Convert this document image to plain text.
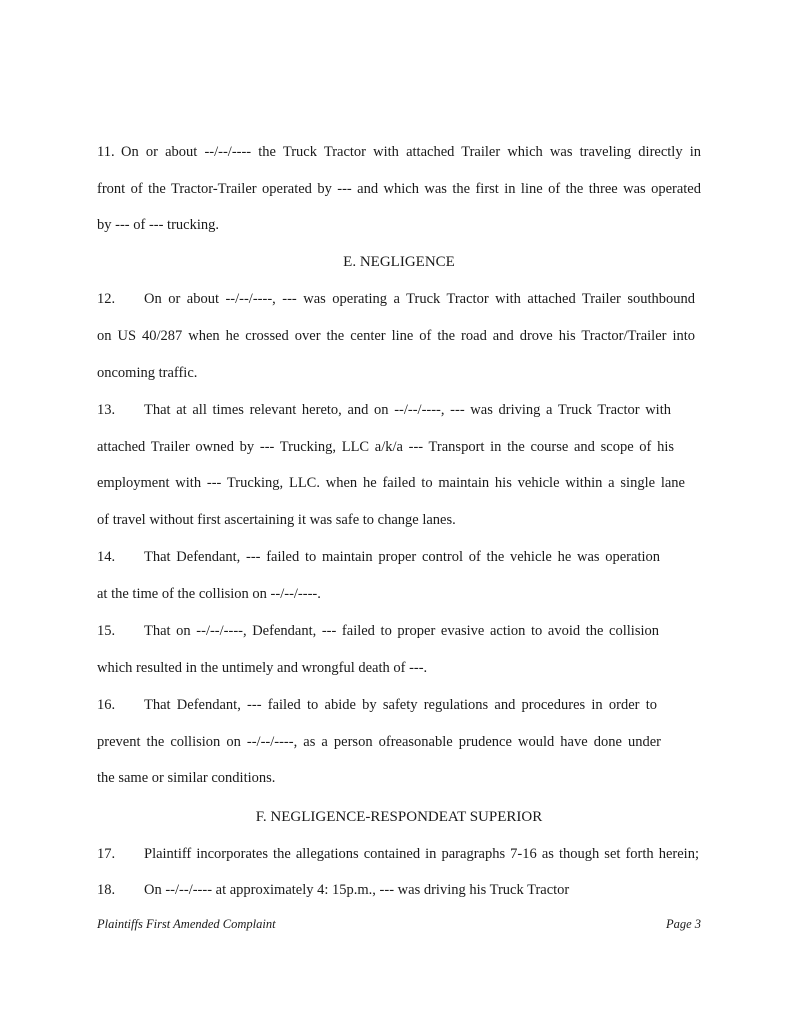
11. On or about --/--/---- the Truck Tractor with attached Trailer which was traveling directly in
front of the Tractor-Trailer operated by --- and which was the first in line of the three was operated
by --- of --- trucking.
E. NEGLIGENCE
12. On or about --/--/----, --- was operating a Truck Tractor with attached Trailer southbound
on US 40/287 when he crossed over the center line of the road and drove his Tractor/Trailer into
oncoming traffic.
13. That at all times relevant hereto, and on --/--/----, --- was driving a Truck Tractor with
attached Trailer owned by --- Trucking, LLC a/k/a --- Transport in the course and scope of his
employment with --- Trucking, LLC. when he failed to maintain his vehicle within a single lane
of travel without first ascertaining it was safe to change lanes.
14. That Defendant, --- failed to maintain proper control of the vehicle he was operation
at the time of the collision on --/--/----.
15. That on --/--/----, Defendant, --- failed to proper evasive action to avoid the collision
which resulted in the untimely and wrongful death of ---.
16. That Defendant, --- failed to abide by safety regulations and procedures in order to
prevent the collision on --/--/----, as a person ofreasonable prudence would have done under
the same or similar conditions.
F. NEGLIGENCE-RESPONDEAT SUPERIOR
17. Plaintiff incorporates the allegations contained in paragraphs 7-16 as though set forth herein;
18. On --/--/---- at approximately 4: 15p.m., --- was driving his Truck Tractor
Plaintiffs First Amended Complaint	Page 3
